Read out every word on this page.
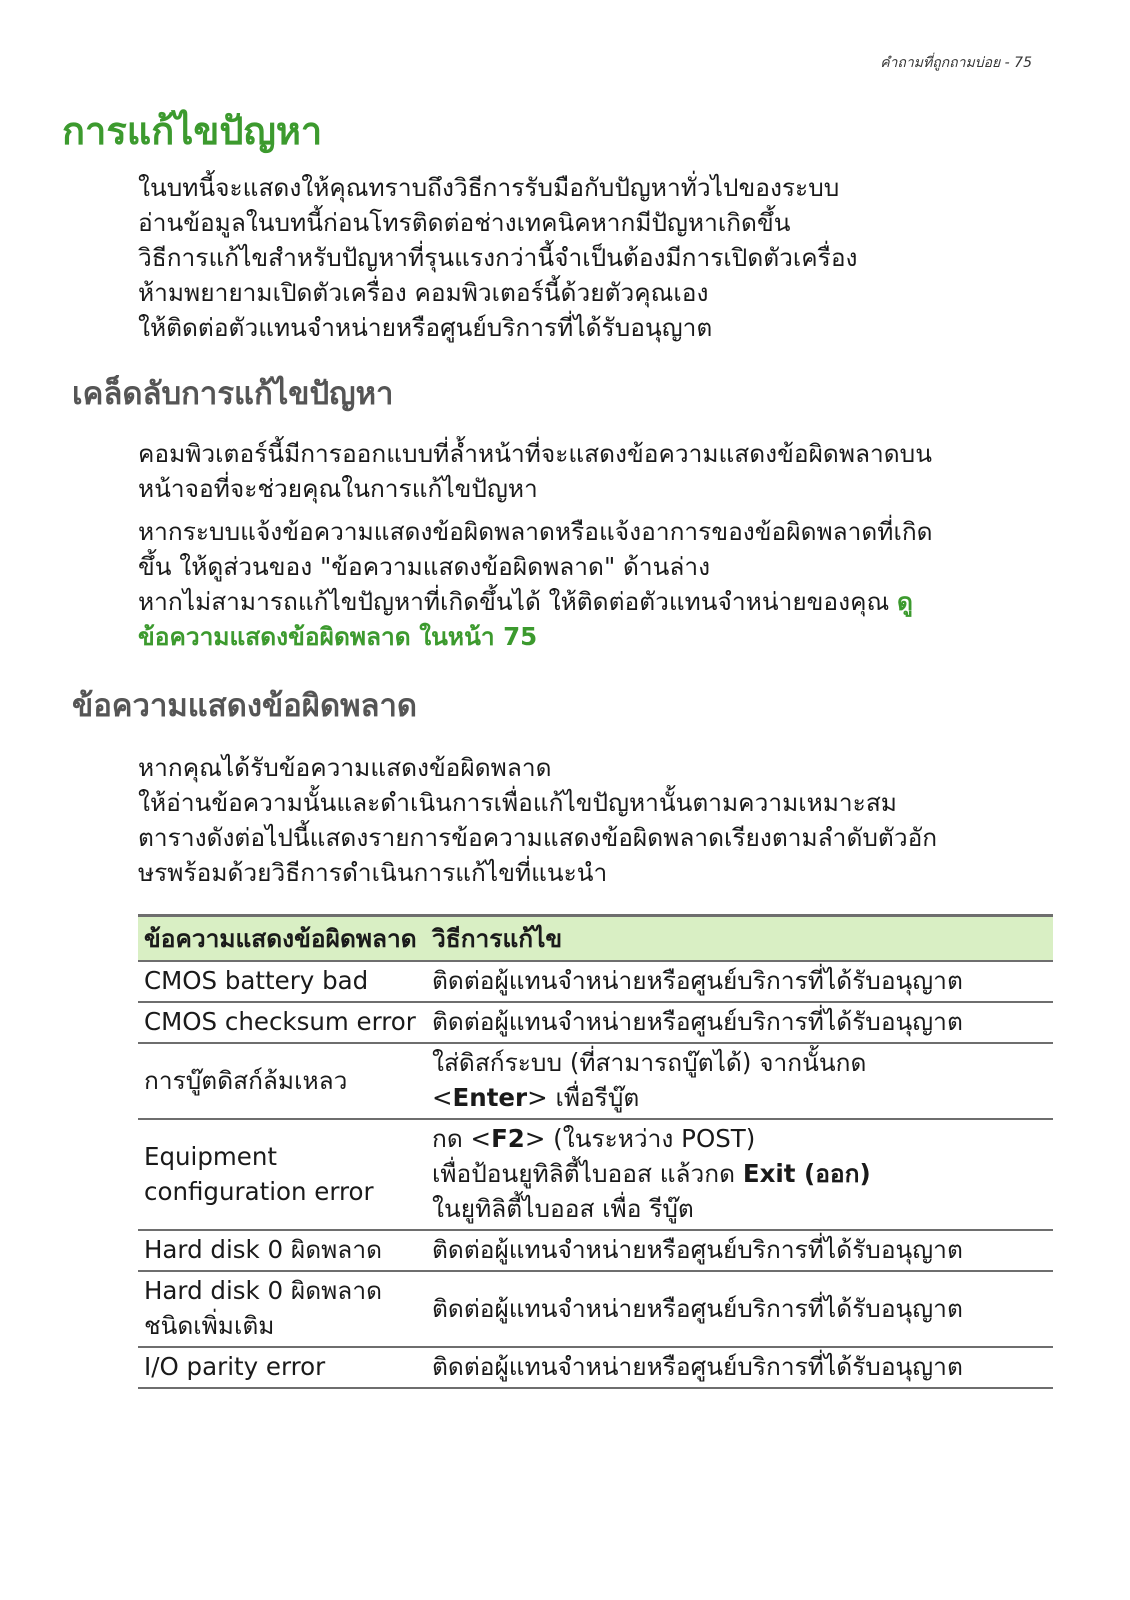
คำถามที่ถูกถามบ่อย - 75
การแก้ไขปัญหา
ในบทนี้จะแสดงให้คุณทราบถึงวิธีการรับมือกับปัญหาทั่วไปของระบบ
อ่านข้อมูลในบทนี้ก่อนโทรติดต่อช่างเทคนิคหากมีปัญหาเกิดขึ้น
วิธีการแก้ไขสำหรับปัญหาที่รุนแรงกว่านี้จำเป็นต้องมีการเปิดตัวเครื่อง
ห้ามพยายามเปิดตัวเครื่อง คอมพิวเตอร์นี้ด้วยตัวคุณเอง
ให้ติดต่อตัวแทนจำหน่ายหรือศูนย์บริการที่ได้รับอนุญาต
เคล็ดลับการแก้ไขปัญหา
คอมพิวเตอร์นี้มีการออกแบบที่ล้ำหน้าที่จะแสดงข้อความแสดงข้อผิดพลาดบน
หน้าจอที่จะช่วยคุณในการแก้ไขปัญหา
หากระบบแจ้งข้อความแสดงข้อผิดพลาดหรือแจ้งอาการของข้อผิดพลาดที่เกิด
ขึ้น ให้ดูส่วนของ "ข้อความแสดงข้อผิดพลาด" ด้านล่าง
หากไม่สามารถแก้ไขปัญหาที่เกิดขึ้นได้ ให้ติดต่อตัวแทนจำหน่ายของคุณ ดู
ข้อความแสดงข้อผิดพลาด ในหน้า 75
ข้อความแสดงข้อผิดพลาด
หากคุณได้รับข้อความแสดงข้อผิดพลาด
ให้อ่านข้อความนั้นและดำเนินการเพื่อแก้ไขปัญหานั้นตามความเหมาะสม
ตารางดังต่อไปนี้แสดงรายการข้อความแสดงข้อผิดพลาดเรียงตามลำดับตัวอัก
ษรพร้อมด้วยวิธีการดำเนินการแก้ไขที่แนะนำ
ข้อความแสดงข้อผิดพลาด	วิธีการแก้ไข
CMOS battery bad	ติดต่อผู้แทนจำหน่ายหรือศูนย์บริการที่ได้รับอนุญาต
CMOS checksum error	ติดต่อผู้แทนจำหน่ายหรือศูนย์บริการที่ได้รับอนุญาต
การบู๊ตดิสก์ล้มเหลว	ใส่ดิสก์ระบบ (ที่สามารถบู๊ตได้) จากนั้นกด
<Enter> เพื่อรีบู๊ต

Equipment configuration error	กด <F2> (ในระหว่าง POST)
เพื่อป้อนยูทิลิตี้ไบออส แล้วกด Exit (ออก)
ในยูทิลิตี้ไบออส เพื่อ รีบู๊ต

Hard disk 0 ผิดพลาด	ติดต่อผู้แทนจำหน่ายหรือศูนย์บริการที่ได้รับอนุญาต
Hard disk 0 ผิดพลาดชนิดเพิ่มเติม	ติดต่อผู้แทนจำหน่ายหรือศูนย์บริการที่ได้รับอนุญาต
I/O parity error	ติดต่อผู้แทนจำหน่ายหรือศูนย์บริการที่ได้รับอนุญาต
